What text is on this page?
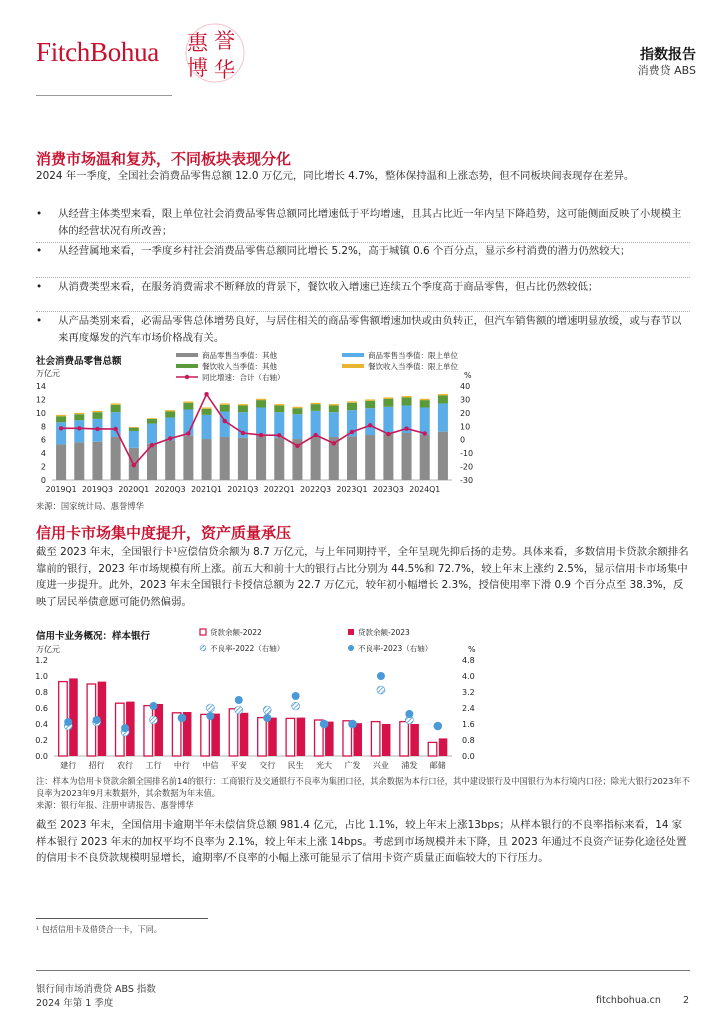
FitchBohua 惠 誉
博 华
指数报告
消费贷 ABS
消费市场温和复苏，不同板块表现分化

2024 年一季度，全国社会消费品零售总额 12.0 万亿元，同比增长 4.7%，整体保持温和上涨态势，但不同板块间表现存在差异。

• 从经营主体类型来看，限上单位社会消费品零售总额同比增速低于平均增速，且其占比近一年内呈下降趋势，这可能侧面反映了小规模主体的经营状况有所改善；
• 从经营属地来看，一季度乡村社会消费品零售总额同比增长 5.2%，高于城镇 0.6 个百分点，显示乡村消费的潜力仍然较大；
• 从消费类型来看，在服务消费需求不断释放的背景下，餐饮收入增速已连续五个季度高于商品零售，但占比仍然较低；
• 从产品类别来看，必需品零售总体增势良好，与居住相关的商品零售额增速加快或由负转正，但汽车销售额的增速明显放缓，或与春节以来再度爆发的汽车市场价格战有关。
社会消费品零售总额
万亿元	%
0
2
4
6
8
10
12
14
-30
-20
-10
0
10
20
30
40
2019Q1 2019Q3 2020Q1 2020Q3 2021Q1 2021Q3 2022Q1 2022Q3 2023Q1 2023Q3 2024Q1
商品零售当季值：其他	商品零售当季值：限上单位
餐饮收入当季值：其他	餐饮收入当季值：限上单位
同比增速：合计（右轴）
来源：国家统计局、惠誉博华
信用卡市场集中度提升，资产质量承压

截至 2023 年末，全国银行卡¹应偿信贷余额为 8.7 万亿元，与上年同期持平，全年呈现先抑后扬的走势。具体来看，多数信用卡贷款余额排名靠前的银行，2023 年市场规模有所上涨。前五大和前十大的银行占比分别为 44.5%和 72.7%，较上年末上涨约 2.5%，显示信用卡市场集中度进一步提升。此外，2023 年末全国银行卡授信总额为 22.7 万亿元，较年初小幅增长 2.3%，授信使用率下滑 0.9 个百分点至 38.3%，反映了居民举债意愿可能仍然偏弱。

信用卡业务概况：样本银行
万亿元	%
0.0
0.2
0.4
0.6
0.8
1.0
1.2
0.0
0.8
1.6
2.4
3.2
4.0
4.8
建行 招行 农行 工行 中行 中信 平安 交行 民生 光大 广发 兴业 浦发 邮储
贷款余额-2022	贷款余额-2023
不良率-2022（右轴）	不良率-2023（右轴）
注：样本为信用卡贷款余额全国排名前14的银行：工商银行及交通银行不良率为集团口径，其余数据为本行口径，其中建设银行及中国银行为本行境内口径；除光大银行2023年不良率为2023年9月末数据外，其余数据为年末值。
来源：银行年报、注册申请报告、惠誉博华

截至 2023 年末，全国信用卡逾期半年未偿信贷总额 981.4 亿元，占比 1.1%，较上年末上涨13bps；从样本银行的不良率指标来看，14 家样本银行 2023 年末的加权平均不良率为 2.1%，较上年末上涨 14bps。考虑到市场规模并未下降，且 2023 年通过不良资产证券化途径处置的信用卡不良贷款规模明显增长，逾期率/不良率的小幅上涨可能显示了信用卡资产质量正面临较大的下行压力。

¹ 包括信用卡及借贷合一卡，下同。
银行间市场消费贷 ABS 指数
2024 年第 1 季度	fitchbohua.cn 2
